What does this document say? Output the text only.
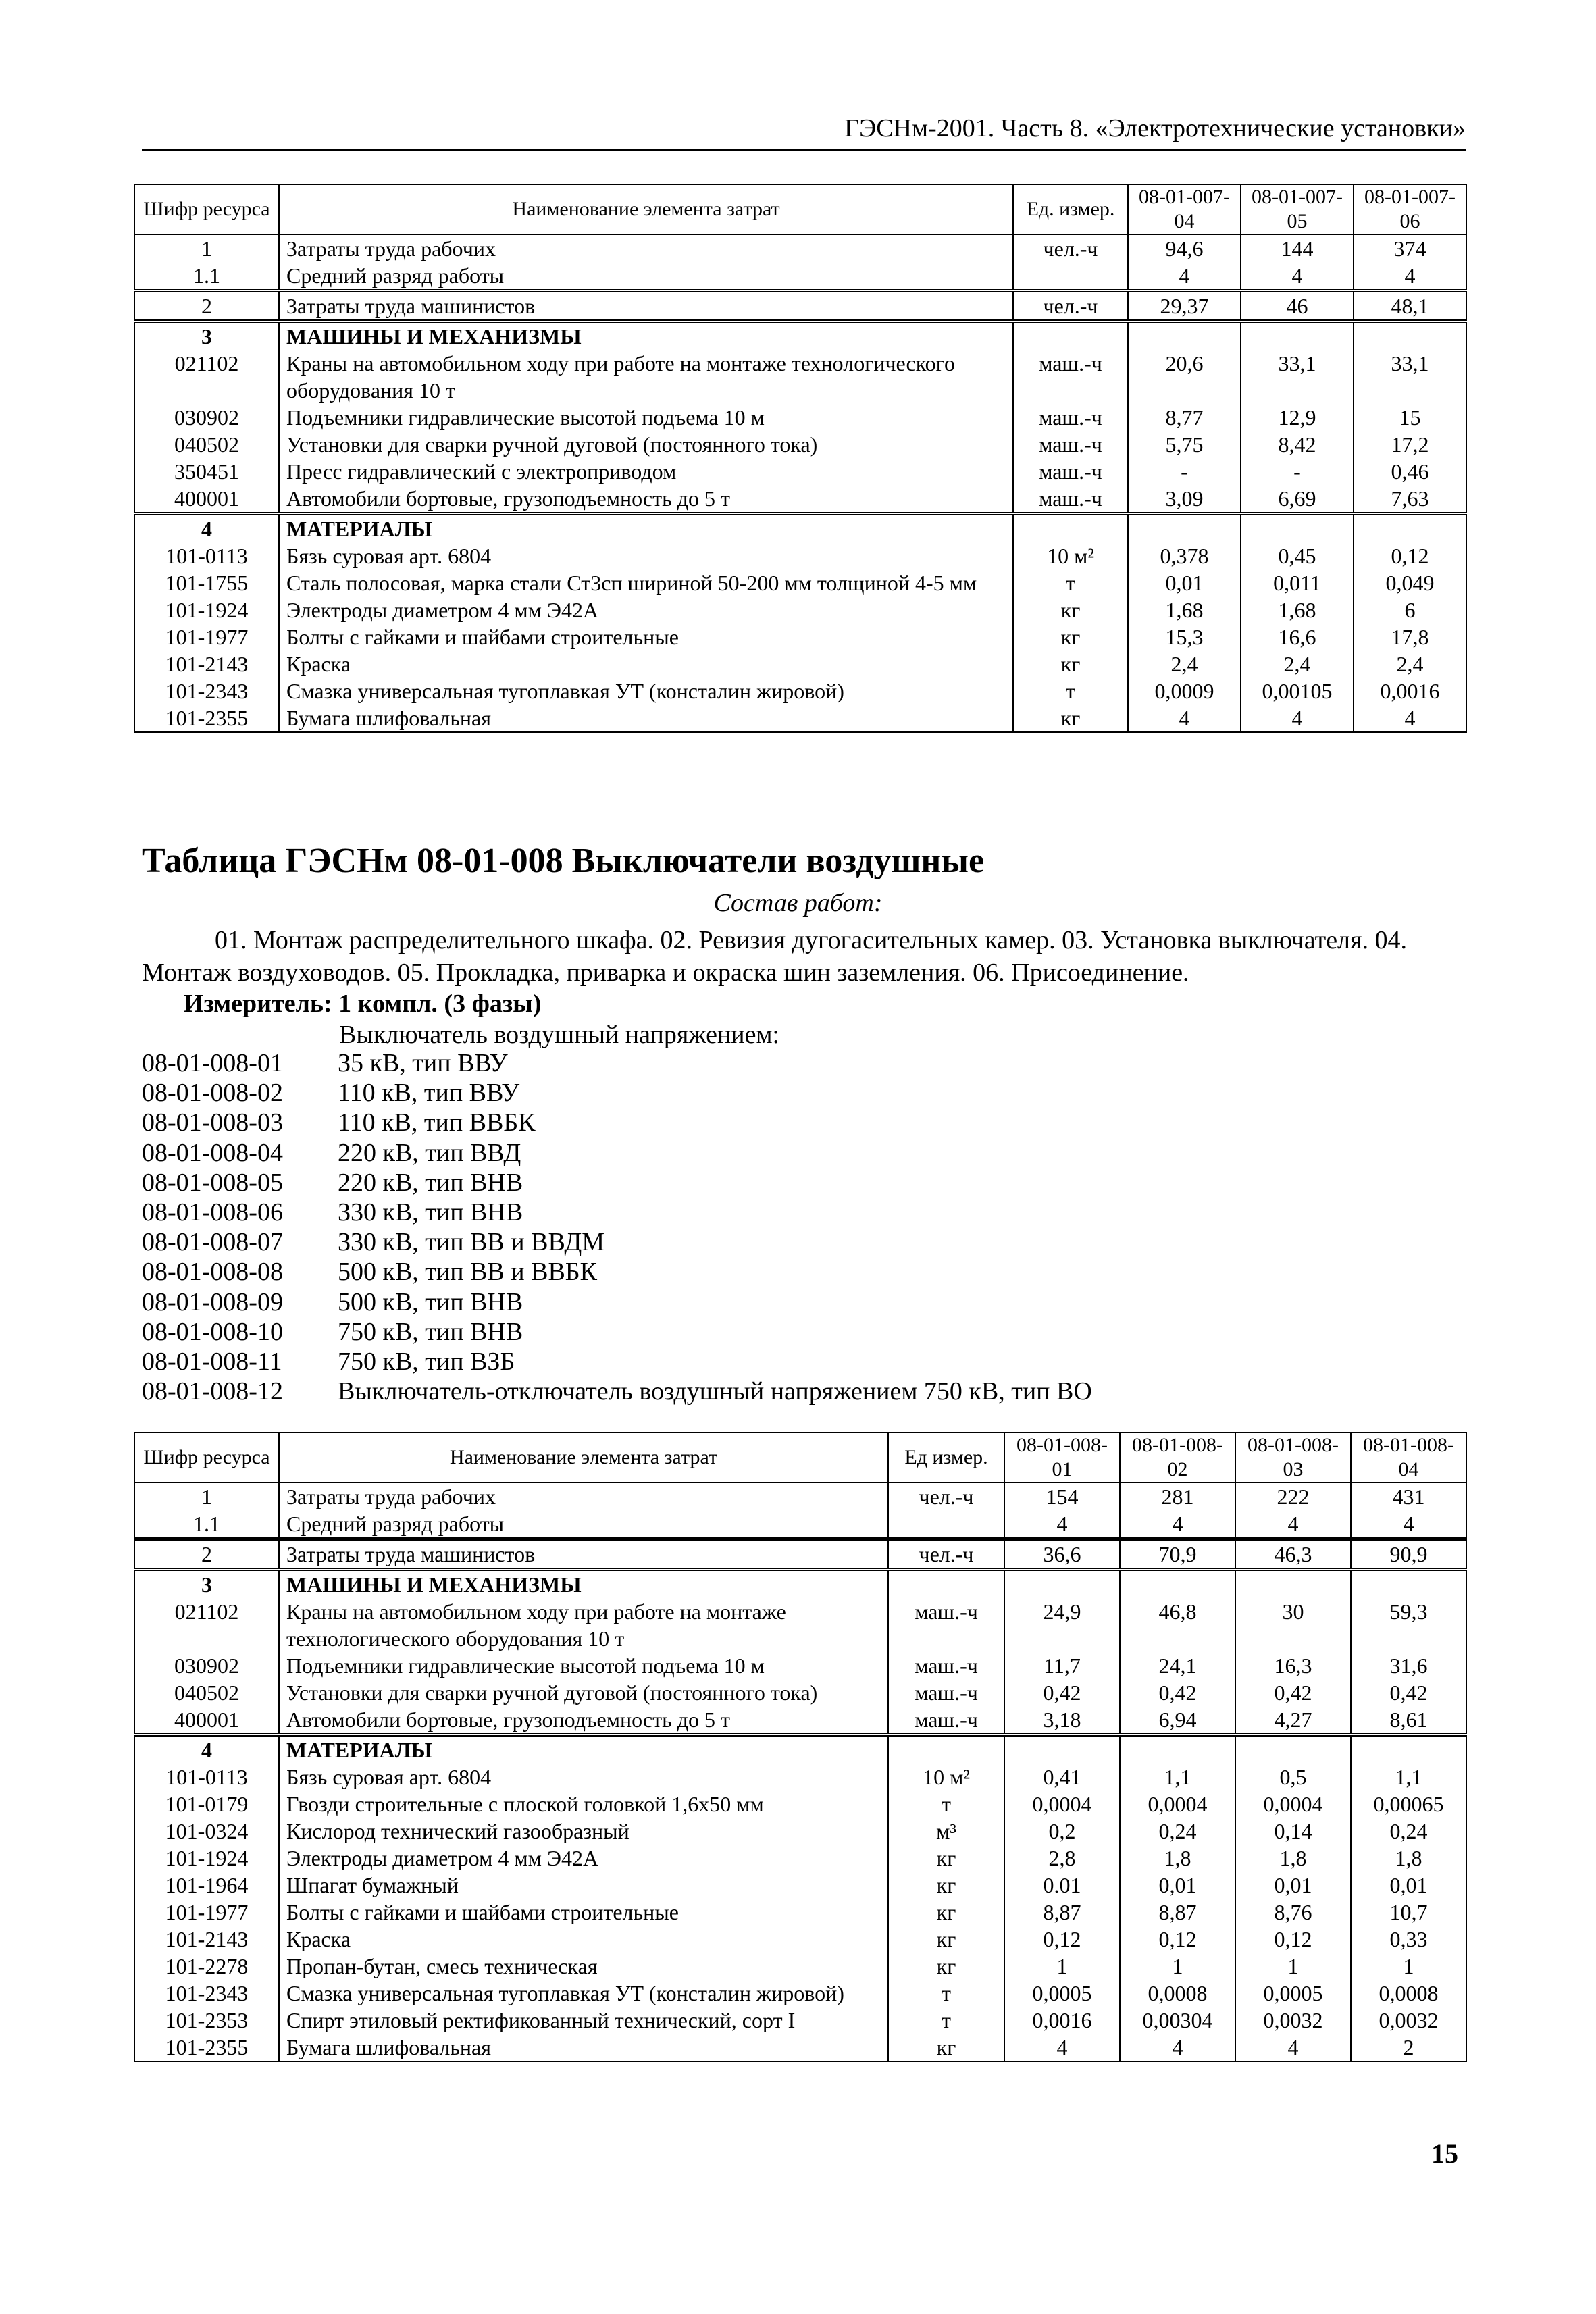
ГЭСНм-2001. Часть 8. «Электротехнические установки»
Шифр ресурса	Наименование элемента затрат	Ед. измер.	08-01-007-04	08-01-007-05	08-01-007-06
1	Затраты труда рабочих	чел.-ч	94,6	144	374
1.1	Средний разряд работы		4	4	4
2	Затраты труда машинистов	чел.-ч	29,37	46	48,1
3	МАШИНЫ И МЕХАНИЗМЫ				
021102	Краны на автомобильном ходу при работе на монтаже технологического оборудования 10 т	маш.-ч	20,6	33,1	33,1
030902	Подъемники гидравлические высотой подъема 10 м	маш.-ч	8,77	12,9	15
040502	Установки для сварки ручной дуговой (постоянного тока)	маш.-ч	5,75	8,42	17,2
350451	Пресс гидравлический с электроприводом	маш.-ч	-	-	0,46
400001	Автомобили бортовые, грузоподъемность до 5 т	маш.-ч	3,09	6,69	7,63
4	МАТЕРИАЛЫ				
101-0113	Бязь суровая арт. 6804	10 м²	0,378	0,45	0,12
101-1755	Сталь полосовая, марка стали Ст3сп шириной 50-200 мм толщиной 4-5 мм	т	0,01	0,011	0,049
101-1924	Электроды диаметром 4 мм Э42А	кг	1,68	1,68	6
101-1977	Болты с гайками и шайбами строительные	кг	15,3	16,6	17,8
101-2143	Краска	кг	2,4	2,4	2,4
101-2343	Смазка универсальная тугоплавкая УТ (консталин жировой)	т	0,0009	0,00105	0,0016
101-2355	Бумага шлифовальная	кг	4	4	4
Таблица ГЭСНм 08-01-008 Выключатели воздушные
Состав работ:
01. Монтаж распределительного шкафа. 02. Ревизия дугогасительных камер. 03. Установка выключателя. 04. Монтаж воздуховодов. 05. Прокладка, приварка и окраска шин заземления. 06. Присоединение.
Измеритель: 1 компл. (3 фазы)
Выключатель воздушный напряжением:
08-01-008-01 35 кВ, тип ВВУ
08-01-008-02 110 кВ, тип ВВУ
08-01-008-03 110 кВ, тип ВВБК
08-01-008-04 220 кВ, тип ВВД
08-01-008-05 220 кВ, тип ВНВ
08-01-008-06 330 кВ, тип ВНВ
08-01-008-07 330 кВ, тип ВВ и ВВДМ
08-01-008-08 500 кВ, тип ВВ и ВВБК
08-01-008-09 500 кВ, тип ВНВ
08-01-008-10 750 кВ, тип ВНВ
08-01-008-11 750 кВ, тип ВЗБ
08-01-008-12 Выключатель-отключатель воздушный напряжением 750 кВ, тип ВО
Шифр ресурса	Наименование элемента затрат	Ед измер.	08-01-008-01	08-01-008-02	08-01-008-03	08-01-008-04
1	Затраты труда рабочих	чел.-ч	154	281	222	431
1.1	Средний разряд работы		4	4	4	4
2	Затраты труда машинистов	чел.-ч	36,6	70,9	46,3	90,9
3	МАШИНЫ И МЕХАНИЗМЫ					
021102	Краны на автомобильном ходу при работе на монтаже технологического оборудования 10 т	маш.-ч	24,9	46,8	30	59,3
030902	Подъемники гидравлические высотой подъема 10 м	маш.-ч	11,7	24,1	16,3	31,6
040502	Установки для сварки ручной дуговой (постоянного тока)	маш.-ч	0,42	0,42	0,42	0,42
400001	Автомобили бортовые, грузоподъемность до 5 т	маш.-ч	3,18	6,94	4,27	8,61
4	МАТЕРИАЛЫ					
101-0113	Бязь суровая арт. 6804	10 м²	0,41	1,1	0,5	1,1
101-0179	Гвозди строительные с плоской головкой 1,6х50 мм	т	0,0004	0,0004	0,0004	0,00065
101-0324	Кислород технический газообразный	м³	0,2	0,24	0,14	0,24
101-1924	Электроды диаметром 4 мм Э42А	кг	2,8	1,8	1,8	1,8
101-1964	Шпагат бумажный	кг	0.01	0,01	0,01	0,01
101-1977	Болты с гайками и шайбами строительные	кг	8,87	8,87	8,76	10,7
101-2143	Краска	кг	0,12	0,12	0,12	0,33
101-2278	Пропан-бутан, смесь техническая	кг	1	1	1	1
101-2343	Смазка универсальная тугоплавкая УТ (консталин жировой)	т	0,0005	0,0008	0,0005	0,0008
101-2353	Спирт этиловый ректификованный технический, сорт I	т	0,0016	0,00304	0,0032	0,0032
101-2355	Бумага шлифовальная	кг	4	4	4	2
15
